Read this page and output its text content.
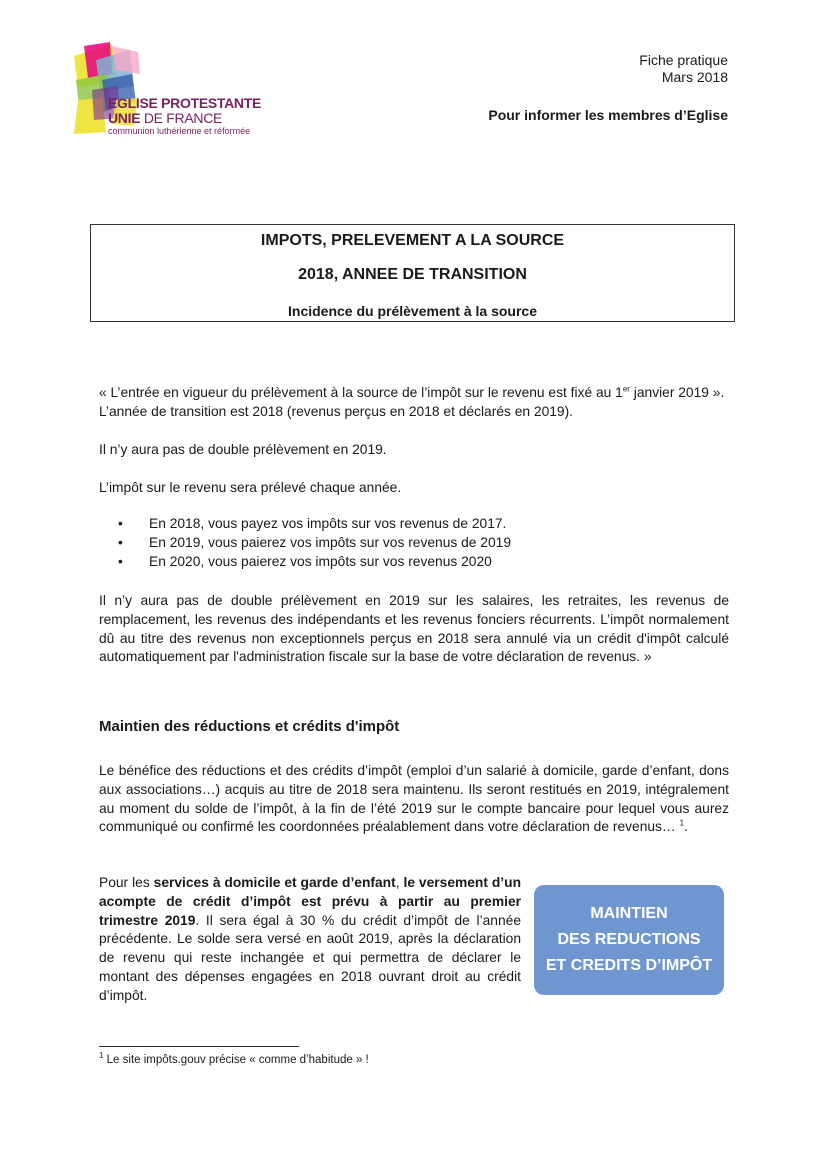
EGLISE PROTESTANTE
UNIE DE FRANCE
communion luthérienne et réformée
Fiche pratique
Mars 2018
Pour informer les membres d’Eglise
IMPOTS, PRELEVEMENT A LA SOURCE
2018, ANNEE DE TRANSITION
Incidence du prélèvement à la source

« L’entrée en vigueur du prélèvement à la source de l’impôt sur le revenu est fixé au 1er janvier 2019 ».
L’année de transition est 2018 (revenus perçus en 2018 et déclarés en 2019).

Il n’y aura pas de double prélèvement en 2019.

L’impôt sur le revenu sera prélevé chaque année.

• En 2018, vous payez vos impôts sur vos revenus de 2017.
• En 2019, vous paierez vos impôts sur vos revenus de 2019
• En 2020, vous paierez vos impôts sur vos revenus 2020

Il n’y aura pas de double prélèvement en 2019 sur les salaires, les retraites, les revenus de remplacement, les revenus des indépendants et les revenus fonciers récurrents. L’impôt normalement dû au titre des revenus non exceptionnels perçus en 2018 sera annulé via un crédit d'impôt calculé automatiquement par l'administration fiscale sur la base de votre déclaration de revenus. »

Maintien des réductions et crédits d'impôt

Le bénéfice des réductions et des crédits d’impôt (emploi d’un salarié à domicile, garde d’enfant, dons aux associations…) acquis au titre de 2018 sera maintenu. Ils seront restitués en 2019, intégralement au moment du solde de l’impôt, à la fin de l’été 2019 sur le compte bancaire pour lequel vous aurez communiqué ou confirmé les coordonnées préalablement dans votre déclaration de revenus… $^1$.

Pour les services à domicile et garde d’enfant, le versement d’un acompte de crédit d’impôt est prévu à partir au premier trimestre 2019. Il sera égal à 30 % du crédit d’impôt de l’année précédente. Le solde sera versé en août 2019, après la déclaration de revenu qui reste inchangée et qui permettra de déclarer le montant des dépenses engagées en 2018 ouvrant droit au crédit d’impôt.

MAINTIEN
DES REDUCTIONS
ET CREDITS D’IMPÔT
$^1$ Le site impôts.gouv précise « comme d’habitude » !
